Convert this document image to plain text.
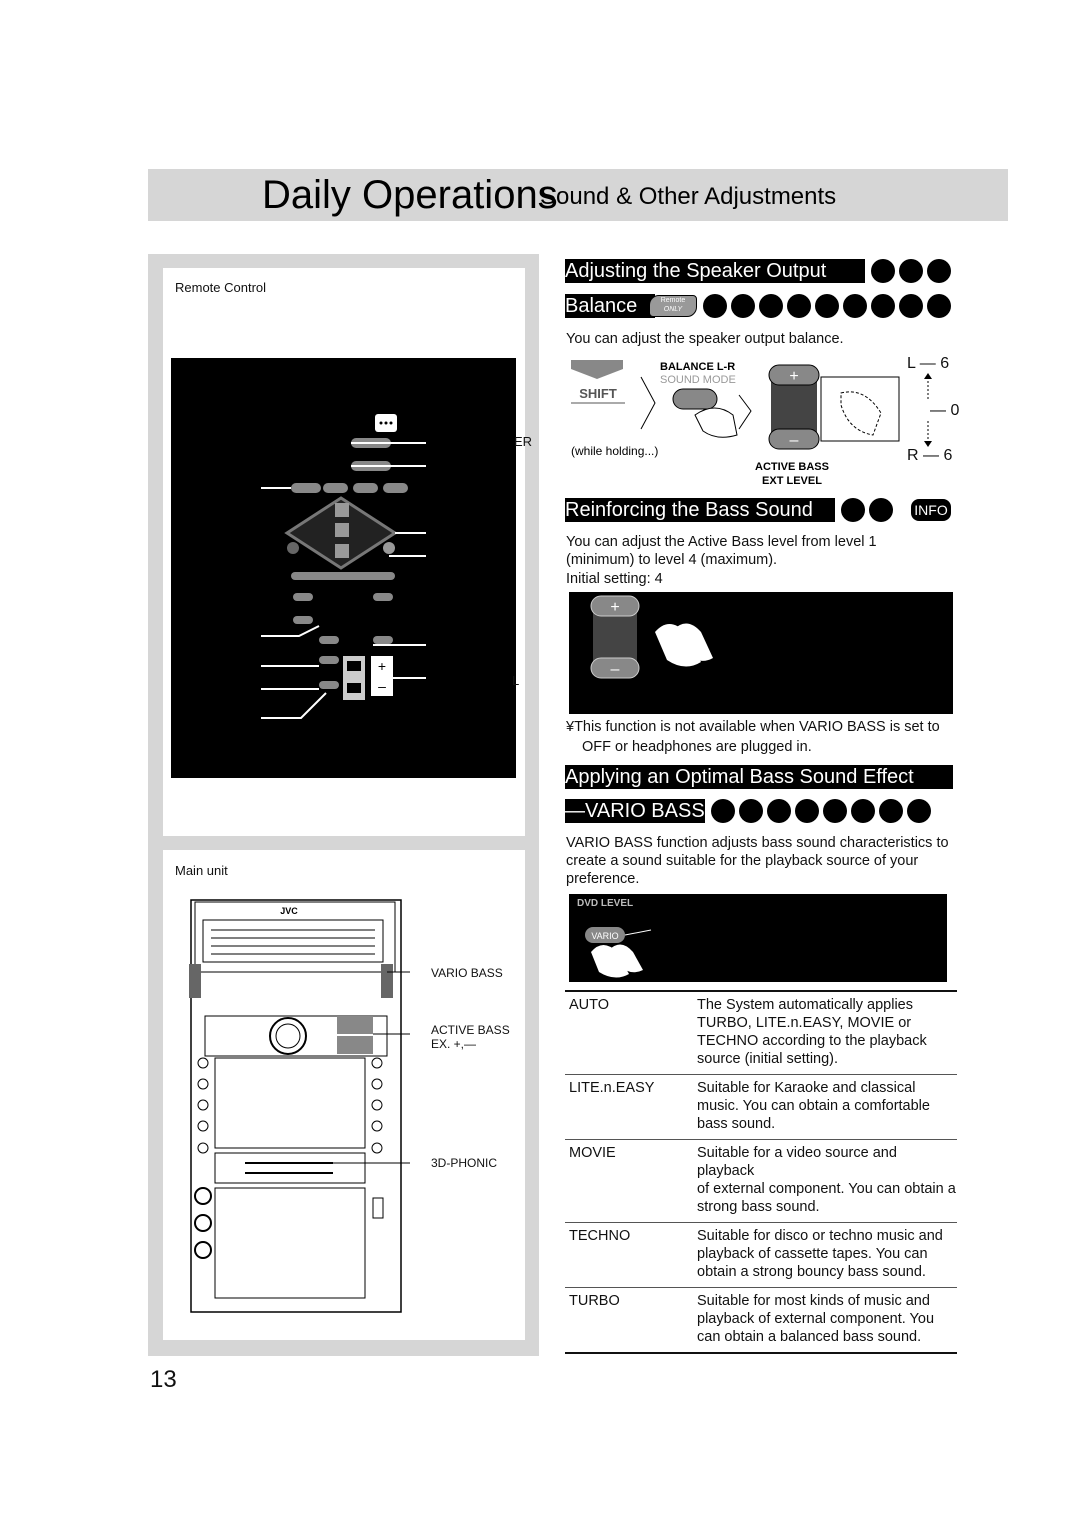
Daily Operations
Sound & Other Adjustments
Remote Control
+
–
ER
L
Main unit
JVC
VARIO BASS
ACTIVE BASS
EX. +,—
3D-PHONIC
Adjusting the Speaker Output
Balance	Remote
ONLY
You can adjust the speaker output balance.
SHIFT
BALANCE L-R
SOUND MODE	+
–
(while holding...)
ACTIVE BASS
EXT LEVEL
L — 6
— 0
R — 6
Reinforcing the Bass Sound	INFO
You can adjust the Active Bass level from level 1
(minimum) to level 4 (maximum).
Initial setting: 4
+
–
¥This function is not available when VARIO BASS is set to
OFF or headphones are plugged in.
Applying an Optimal Bass Sound Effect
—VARIO BASS
VARIO BASS function adjusts bass sound characteristics to
create a sound suitable for the playback source of your
preference.
DVD LEVEL
VARIO
AUTO	The System automatically applies
TURBO, LITE.n.EASY, MOVIE or
TECHNO according to the playback
source (initial setting).
LITE.n.EASY	Suitable for Karaoke and classical
music. You can obtain a comfortable
bass sound.
MOVIE	Suitable for a video source and playback
of external component. You can obtain a
strong bass sound.
TECHNO	Suitable for disco or techno music and
playback of cassette tapes. You can
obtain a strong bouncy bass sound.
TURBO	Suitable for most kinds of music and
playback of external component. You
can obtain a balanced bass sound.
13
